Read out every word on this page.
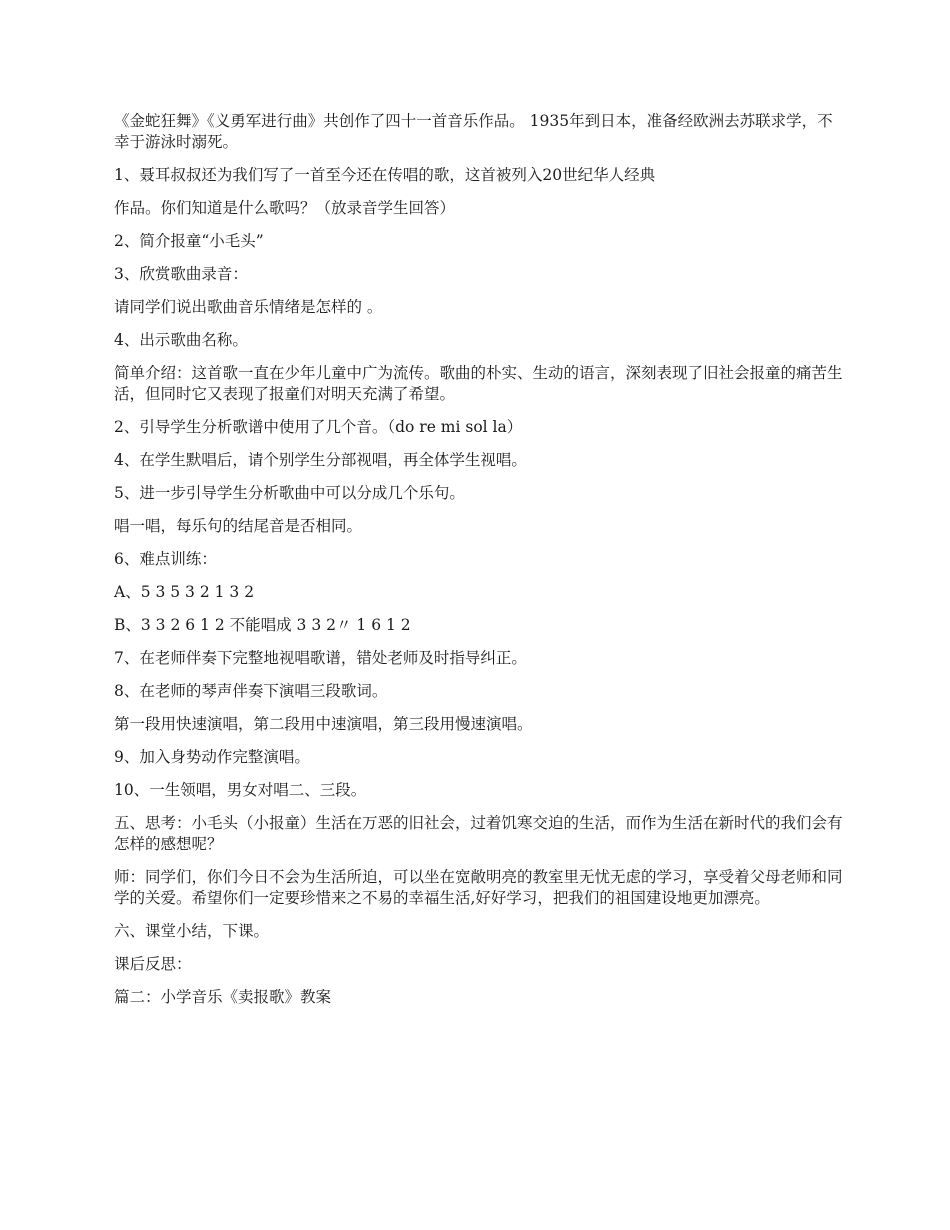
《金蛇狂舞》《义勇军进行曲》共创作了四十一首音乐作品。 1935年到日本，准备经欧洲去苏联求学，不幸于游泳时溺死。

1、聂耳叔叔还为我们写了一首至今还在传唱的歌，这首被列入20世纪华人经典

作品。你们知道是什么歌吗？（放录音学生回答）

2、简介报童“小毛头”

3、欣赏歌曲录音：

请同学们说出歌曲音乐情绪是怎样的 。

4、出示歌曲名称。

简单介绍：这首歌一直在少年儿童中广为流传。歌曲的朴实、生动的语言，深刻表现了旧社会报童的痛苦生活，但同时它又表现了报童们对明天充满了希望。

2、引导学生分析歌谱中使用了几个音。（do re mi sol la）

4、在学生默唱后，请个别学生分部视唱，再全体学生视唱。

5、进一步引导学生分析歌曲中可以分成几个乐句。

唱一唱，每乐句的结尾音是否相同。

6、难点训练：

A、5 3 5 3 2 1 3 2

B、3 3 2 6 1 2 不能唱成 3 3 2〃 1 6 1 2

7、在老师伴奏下完整地视唱歌谱，错处老师及时指导纠正。

8、在老师的琴声伴奏下演唱三段歌词。

第一段用快速演唱，第二段用中速演唱，第三段用慢速演唱。

9、加入身势动作完整演唱。

10、一生领唱，男女对唱二、三段。

五、思考：小毛头（小报童）生活在万恶的旧社会，过着饥寒交迫的生活，而作为生活在新时代的我们会有怎样的感想呢？

师：同学们，你们今日不会为生活所迫，可以坐在宽敞明亮的教室里无忧无虑的学习，享受着父母老师和同学的关爱。希望你们一定要珍惜来之不易的幸福生活,好好学习，把我们的祖国建设地更加漂亮。

六、课堂小结，下课。

课后反思：

篇二：小学音乐《卖报歌》教案
